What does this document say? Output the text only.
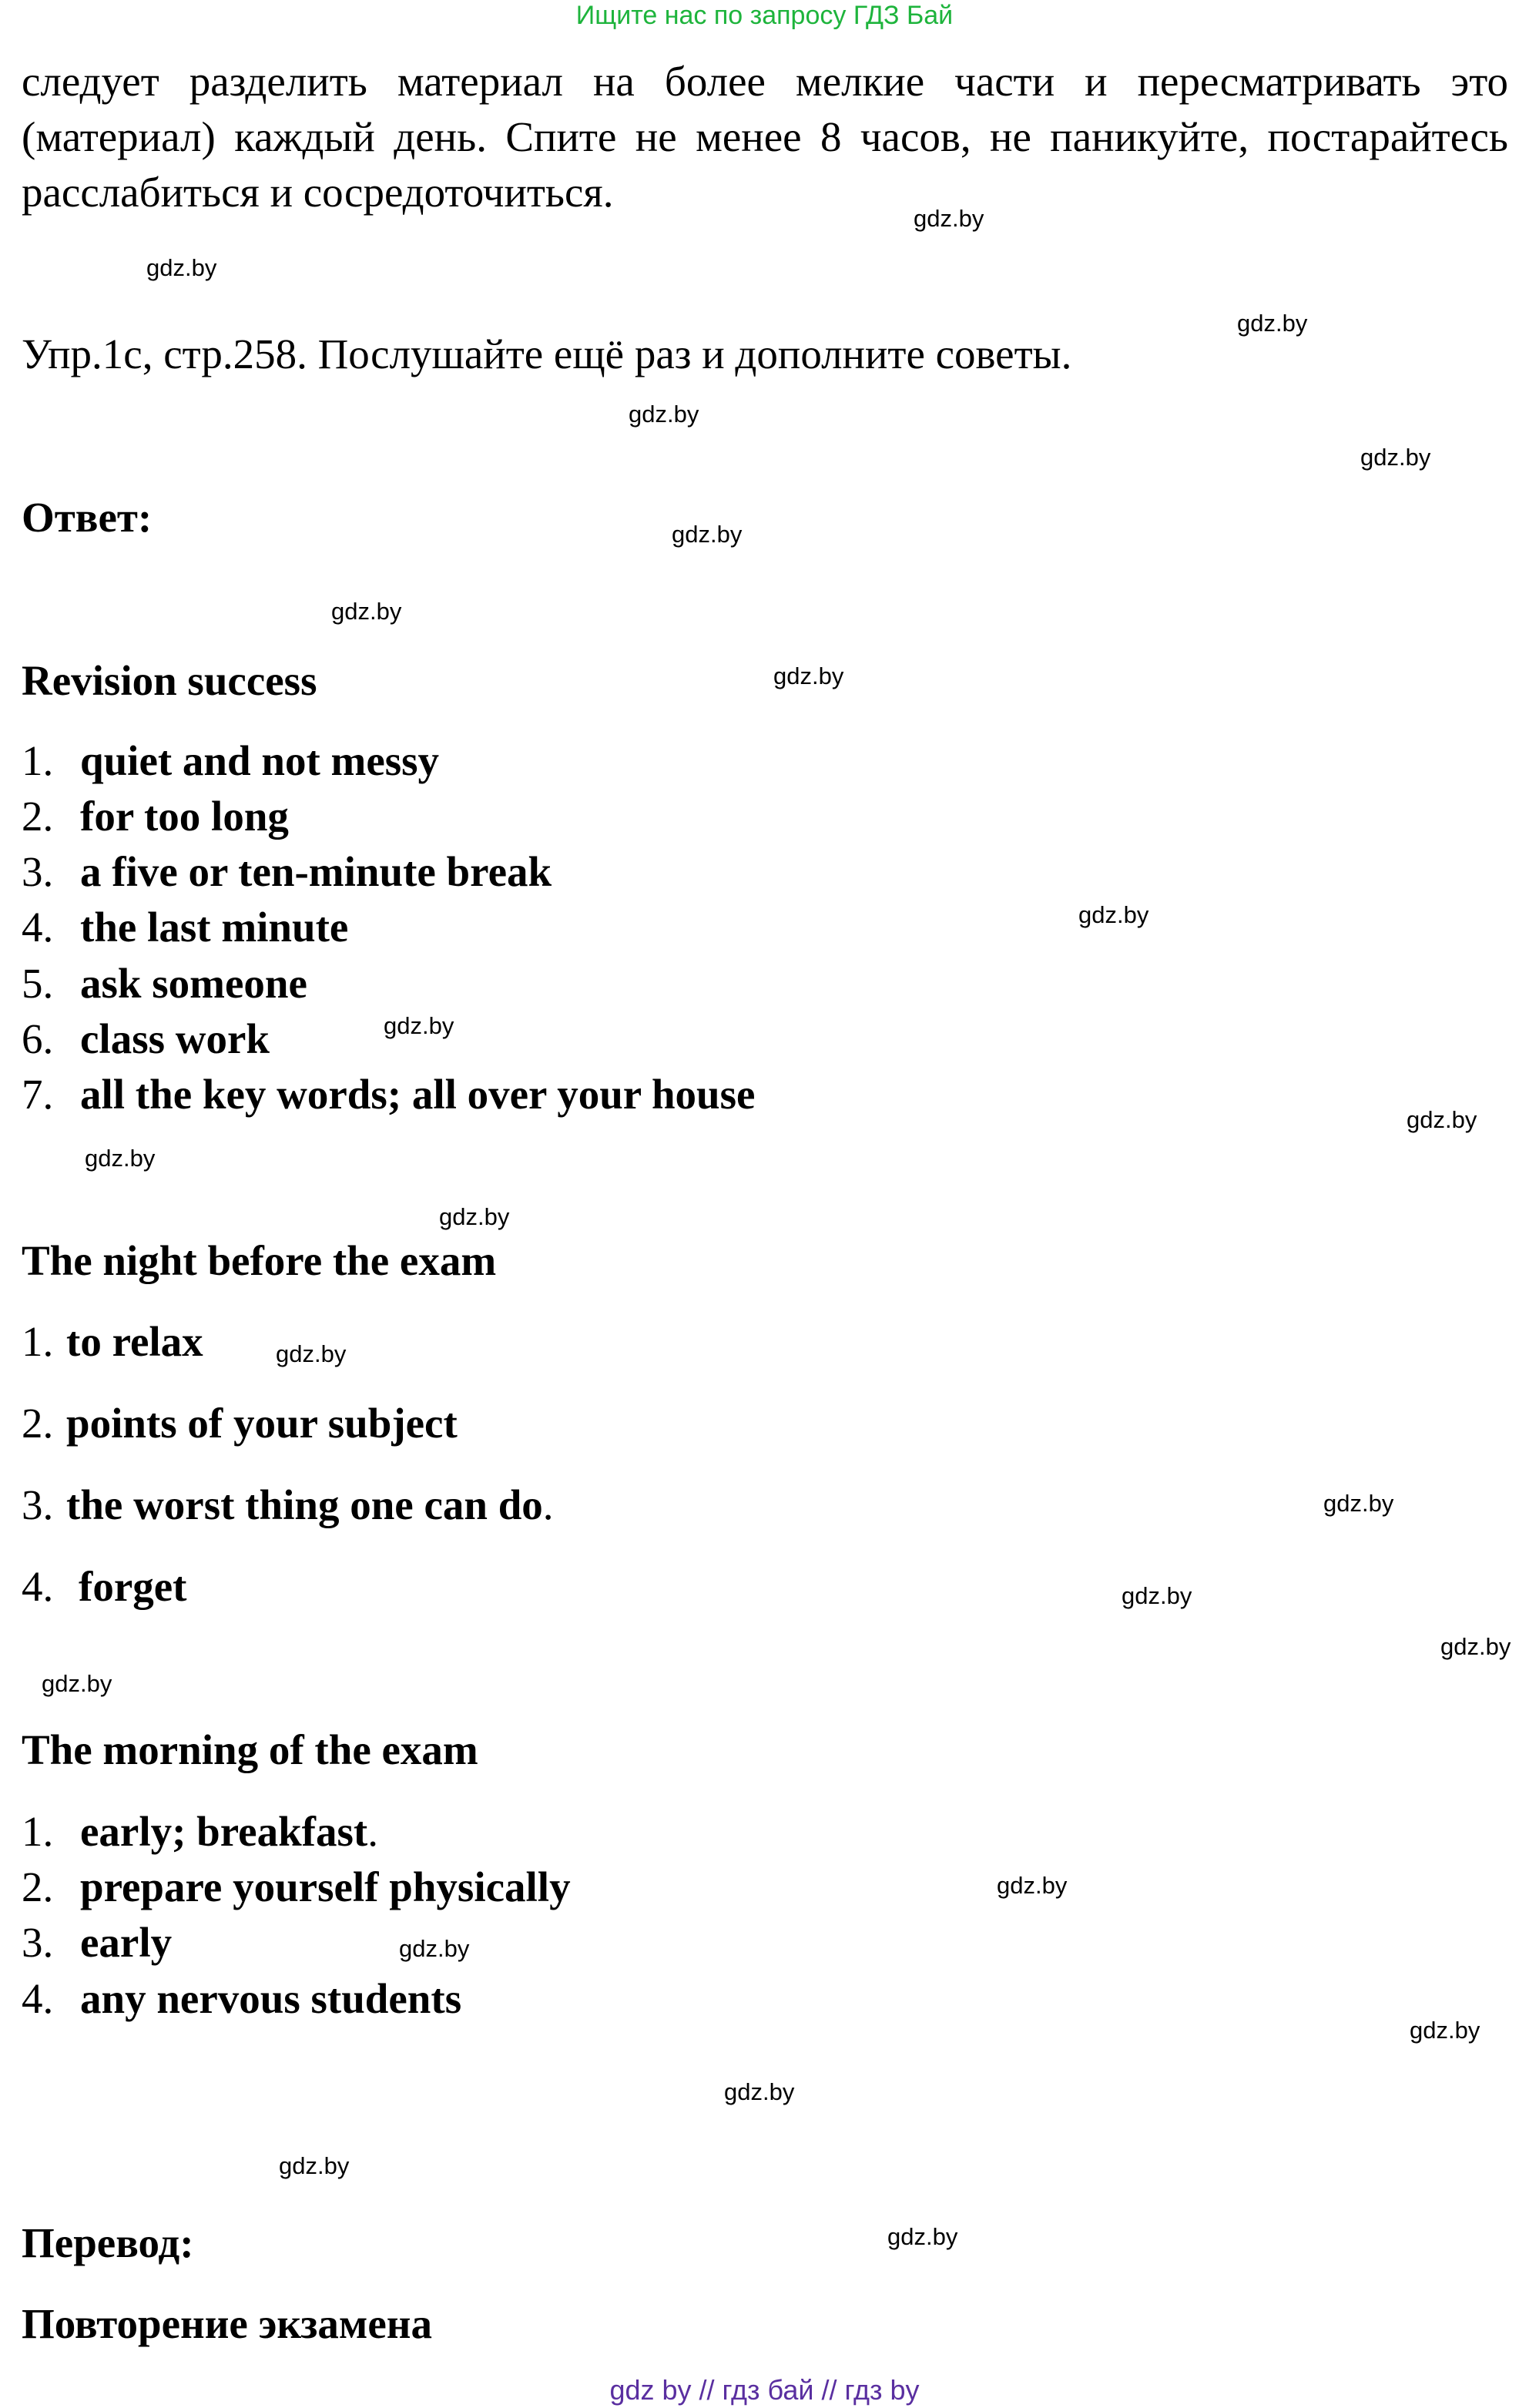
Ищите нас по запросу ГДЗ Бай
следует разделить материал на более мелкие части и пересматривать это
(материал) каждый день. Спите не менее 8 часов, не паникуйте, постарайтесь
расслабиться и сосредоточиться.
Упр.1с, стр.258. Послушайте ещё раз и дополните советы.
Ответ:
Revision success
1. quiet and not messy
2. for too long
3. a five or ten-minute break
4. the last minute
5. ask someone
6. class work
7. all the key words; all over your house
The night before the exam
1. to relax
2. points of your subject
3. the worst thing one can do.
4. forget
The morning of the exam
1. early; breakfast.
2. prepare yourself physically
3. early
4. any nervous students
Перевод:
Повторение экзамена
gdz.by
gdz.by
gdz.by
gdz.by
gdz.by
gdz.by
gdz.by
gdz.by
gdz.by
gdz.by
gdz.by
gdz.by
gdz.by
gdz.by
gdz.by
gdz.by
gdz.by
gdz.by
gdz.by
gdz.by
gdz.by
gdz.by
gdz.by
gdz.by
gdz by // гдз бай // гдз by
